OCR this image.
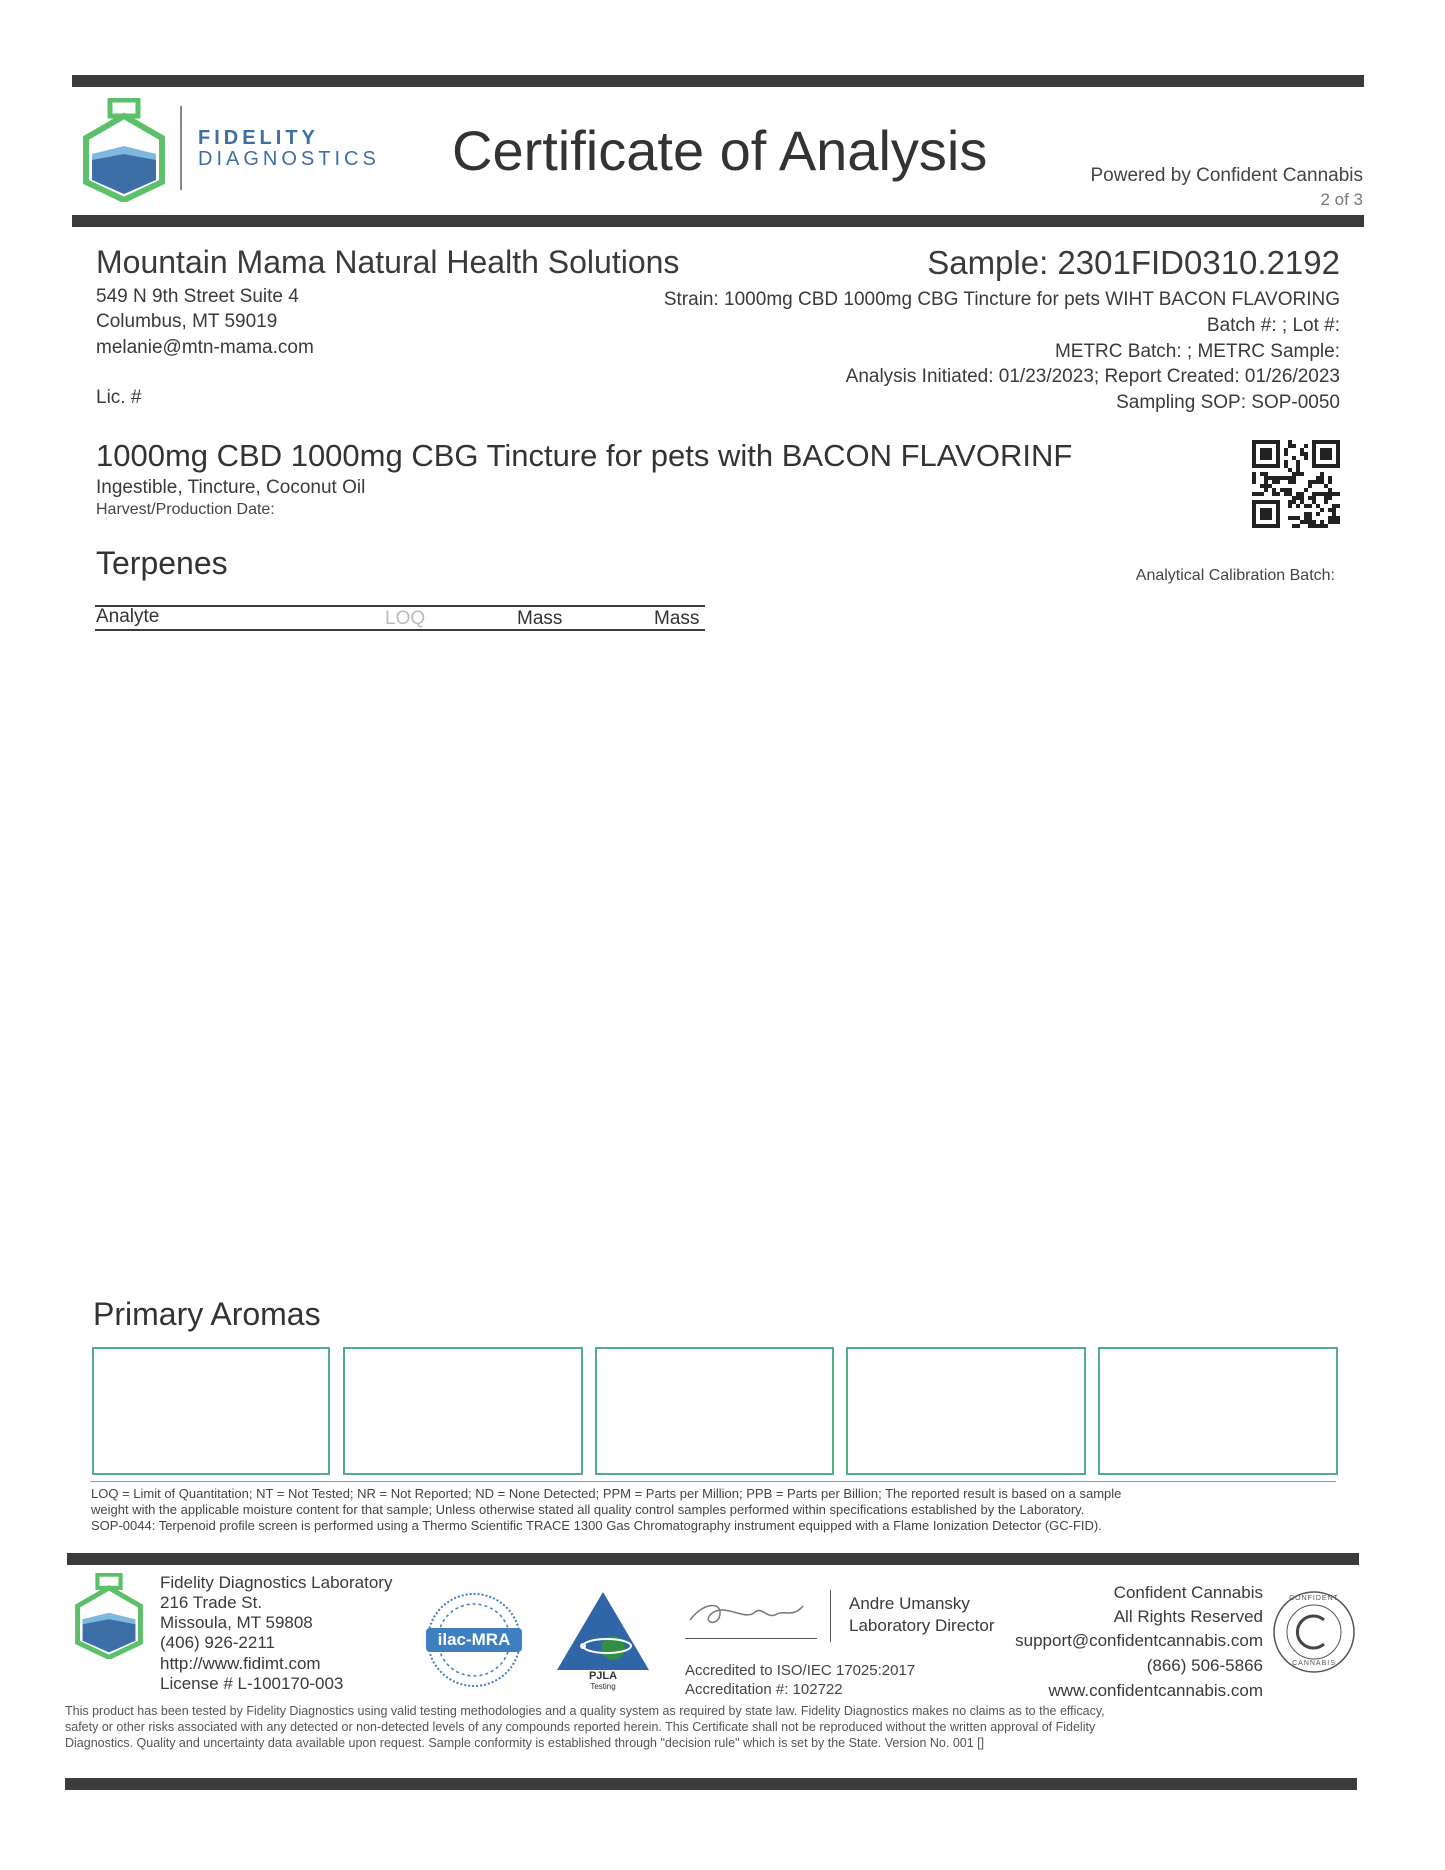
FIDELITY
DIAGNOSTICS Certificate of Analysis	Powered by Confident Cannabis
2 of 3
Mountain Mama Natural Health Solutions
549 N 9th Street Suite 4
Columbus, MT 59019
melanie@mtn-mama.com
Lic. #
Sample: 2301FID0310.2192
Strain: 1000mg CBD 1000mg CBG Tincture for pets WIHT BACON FLAVORING
Batch #: ; Lot #:
METRC Batch: ; METRC Sample:
Analysis Initiated: 01/23/2023; Report Created: 01/26/2023
Sampling SOP: SOP-0050
1000mg CBD 1000mg CBG Tincture for pets with BACON FLAVORINF
Ingestible, Tincture, Coconut Oil
Harvest/Production Date:
Terpenes	Analytical Calibration Batch:
Analyte	LOQ	Mass	Mass
Primary Aromas
LOQ = Limit of Quantitation; NT = Not Tested; NR = Not Reported; ND = None Detected; PPM = Parts per Million; PPB = Parts per Billion; The reported result is based on a sample
weight with the applicable moisture content for that sample; Unless otherwise stated all quality control samples performed within specifications established by the Laboratory.
SOP-0044: Terpenoid profile screen is performed using a Thermo Scientific TRACE 1300 Gas Chromatography instrument equipped with a Flame Ionization Detector (GC-FID).
Fidelity Diagnostics Laboratory
216 Trade St.
Missoula, MT 59808
(406) 926-2211
http://www.fidimt.com
License # L-100170-003
ilac-MRA
PJLA
Testing
Andre Umansky
Laboratory Director
Accredited to ISO/IEC 17025:2017
Accreditation #: 102722
Confident Cannabis
All Rights Reserved
support@confidentcannabis.com
(866) 506-5866
www.confidentcannabis.com
CONFIDENT
CANNABIS
This product has been tested by Fidelity Diagnostics using valid testing methodologies and a quality system as required by state law. Fidelity Diagnostics makes no claims as to the efficacy,
safety or other risks associated with any detected or non-detected levels of any compounds reported herein. This Certificate shall not be reproduced without the written approval of Fidelity
Diagnostics. Quality and uncertainty data available upon request. Sample conformity is established through "decision rule" which is set by the State. Version No. 001 []
